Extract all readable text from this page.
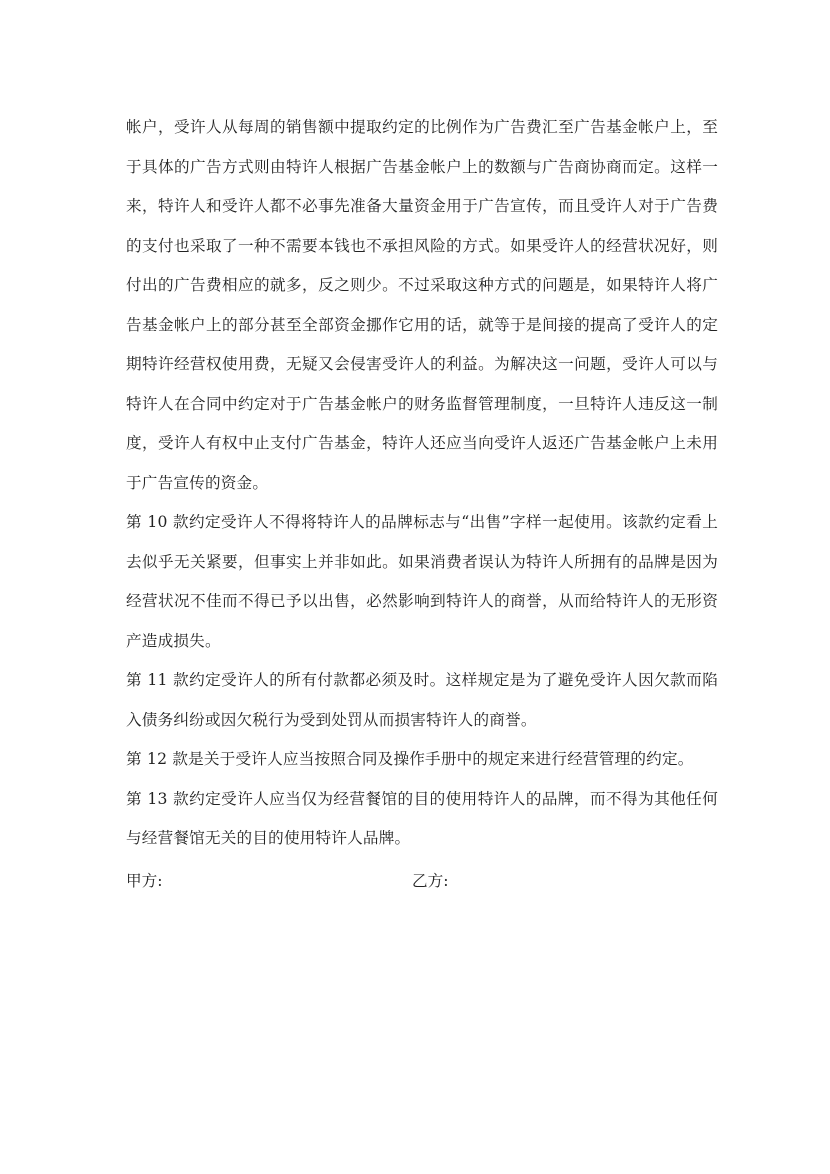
帐户，受许人从每周的销售额中提取约定的比例作为广告费汇至广告基金帐户上，至于具体的广告方式则由特许人根据广告基金帐户上的数额与广告商协商而定。这样一来，特许人和受许人都不必事先准备大量资金用于广告宣传，而且受许人对于广告费的支付也采取了一种不需要本钱也不承担风险的方式。如果受许人的经营状况好，则付出的广告费相应的就多，反之则少。不过采取这种方式的问题是，如果特许人将广告基金帐户上的部分甚至全部资金挪作它用的话，就等于是间接的提高了受许人的定期特许经营权使用费，无疑又会侵害受许人的利益。为解决这一问题，受许人可以与特许人在合同中约定对于广告基金帐户的财务监督管理制度，一旦特许人违反这一制度，受许人有权中止支付广告基金，特许人还应当向受许人返还广告基金帐户上未用于广告宣传的资金。

第 10 款约定受许人不得将特许人的品牌标志与“出售”字样一起使用。该款约定看上去似乎无关紧要，但事实上并非如此。如果消费者误认为特许人所拥有的品牌是因为经营状况不佳而不得已予以出售，必然影响到特许人的商誉，从而给特许人的无形资产造成损失。

第 11 款约定受许人的所有付款都必须及时。这样规定是为了避免受许人因欠款而陷入债务纠纷或因欠税行为受到处罚从而损害特许人的商誉。

第 12 款是关于受许人应当按照合同及操作手册中的规定来进行经营管理的约定。

第 13 款约定受许人应当仅为经营餐馆的目的使用特许人的品牌，而不得为其他任何与经营餐馆无关的目的使用特许人品牌。

甲方:	乙方:
